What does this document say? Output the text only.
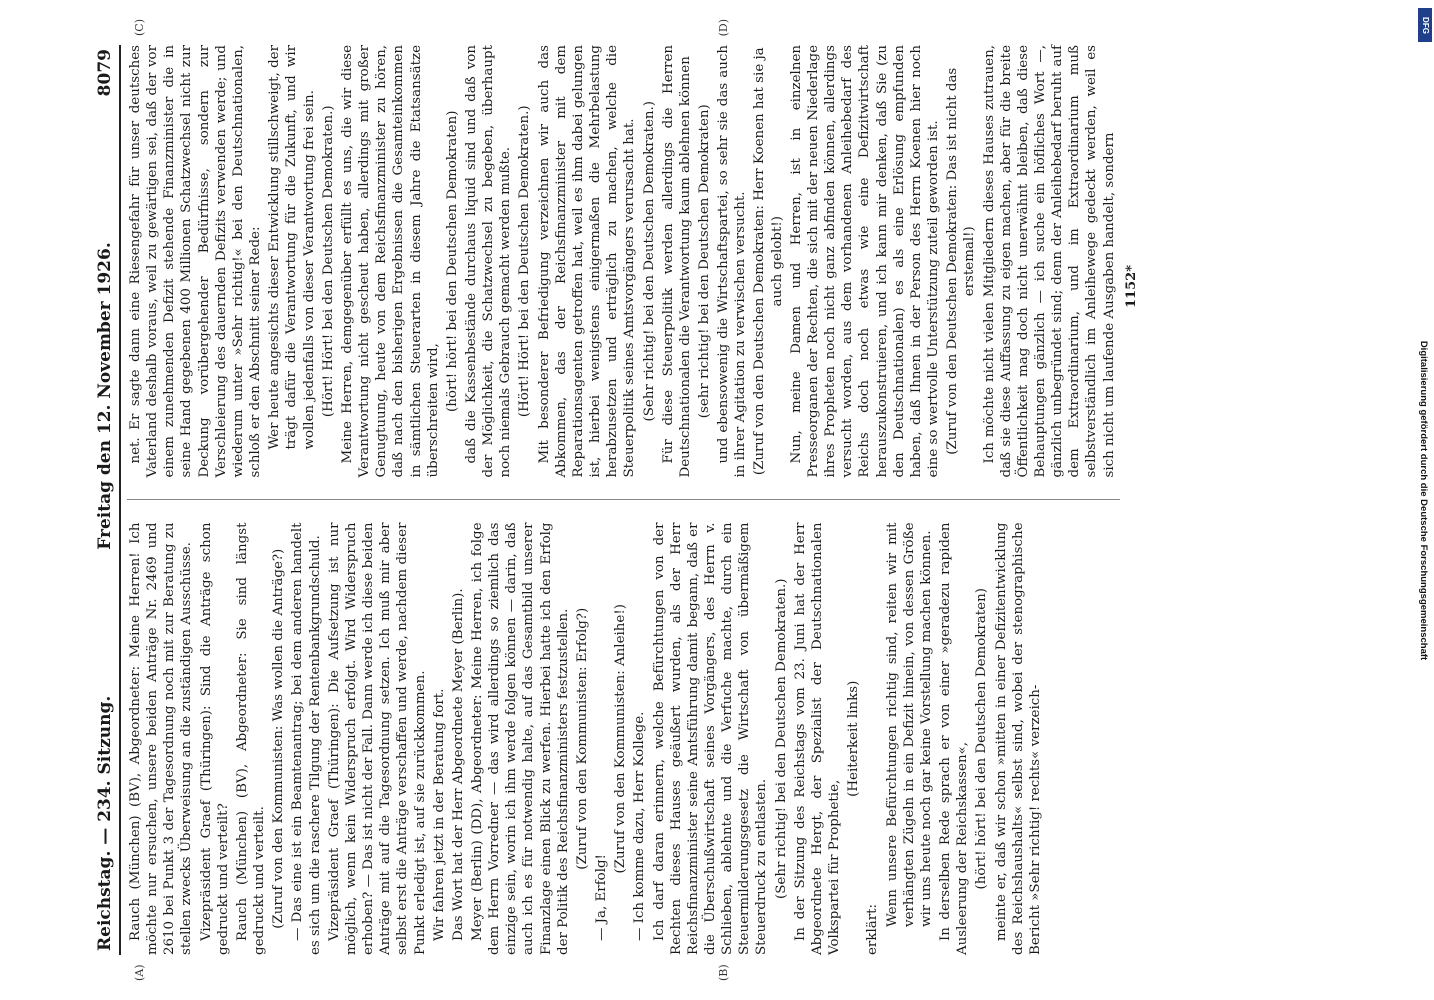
Reichstag. — 234. Sitzung.
Freitag den 12. November 1926.
8079
(A)	(B)
(C)	(D)

Rauch (München) (BV), Abgeordneter: Meine Herren! Ich möchte nur ersuchen, unsere beiden Anträge Nr. 2469 und 2610 bei Punkt 3 der Tagesordnung noch mit zur Beratung zu stellen zwecks Überweisung an die zuständigen Ausschüsse. Vizepräsident Graef (Thüringen): Sind die Anträge schon gedruckt und verteilt? Rauch (München) (BV), Abgeordneter: Sie sind längst gedruckt und verteilt. (Zuruf von den Kommunisten: Was wollen die Anträge?) — Das eine ist ein Beamtenantrag; bei dem anderen handelt es sich um die raschere Tilgung der Rentenbankgrundschuld. Vizepräsident Graef (Thüringen): Die Aufsetzung ist nur möglich, wenn kein Widerspruch erfolgt. Wird Widerspruch erhoben? — Das ist nicht der Fall. Dann werde ich diese beiden Anträge mit auf die Tagesordnung setzen. Ich muß mir aber selbst erst die Anträge verschaffen und werde, nachdem dieser Punkt erledigt ist, auf sie zurückkommen. Wir fahren jetzt in der Beratung fort. Das Wort hat der Herr Abgeordnete Meyer (Berlin). Meyer (Berlin) (DD), Abgeordneter: Meine Herren, ich folge dem Herrn Vorredner — das wird allerdings so ziemlich das einzige sein, worin ich ihm werde folgen können — darin, daß auch ich es für notwendig halte, auf das Gesamtbild unserer Finanzlage einen Blick zu werfen. Hierbei hatte ich den Erfolg der Politik des Reichsfinanzministers festzustellen. (Zuruf von den Kommunisten: Erfolg?)

— Ja, Erfolg!

(Zuruf von den Kommunisten: Anleihe!) — Ich komme dazu, Herr Kollege. Ich darf daran erinnern, welche Befürchtungen von der Rechten dieses Hauses geäußert wurden, als der Herr Reichsfinanzminister seine Amtsführung damit begann, daß er die Überschußwirtschaft seines Vorgängers, des Herrn v. Schlieben, ablehnte und die Verfuche machte, durch ein Steuermilderungsgesetz die Wirtschaft von übermäßigem Steuerdruck zu entlasten. (Sehr richtig! bei den Deutschen Demokraten.) In der Sitzung des Reichstags vom 23. Juni hat der Herr Abgeordnete Hergt, der Spezialist der Deutschnationalen Volkspartei für Prophetie,

(Heiterkeit links)

erklärt:

Wenn unsere Befürchtungen richtig sind, reiten wir mit verhängten Zügeln in ein Defizit hinein, von dessen Größe wir uns heute noch gar keine Vorstellung machen können. In derselben Rede sprach er von einer »geradezu rapiden Ausleerung der Reichskassen«, (hört! hört! bei den Deutschen Demokraten) meinte er, daß wir schon »mitten in einer Defizitentwicklung des Reichshaushalts« selbst sind, wobei der stenographische Bericht »Sehr richtig! rechts« verzeich-

net. Er sagte dann eine Riesengefahr für unser deutsches Vaterland deshalb voraus, weil zu gewärtigen sei, daß der vor einem zunehmenden Defizit stehende Finanzminister die in seine Hand gegebenen 400 Millionen Schatzwechsel nicht zur Deckung vorübergehender Bedürfnisse, sondern zur Verschleierung des dauernden Defizits verwenden werde; und wiederum unter »Sehr richtig!« bei den Deutschnationalen, schloß er den Abschnitt seiner Rede: Wer heute angesichts dieser Entwicklung stillschweigt, der trägt dafür die Verantwortung für die Zukunft, und wir wollen jedenfalls von dieser Verantwortung frei sein. (Hört! Hört! bei den Deutschen Demokraten.) Meine Herren, demgegenüber erfüllt es uns, die wir diese Verantwortung nicht gescheut haben, allerdings mit großer Genugtuung, heute von dem Reichsfinanzminister zu hören, daß nach den bisherigen Ergebnissen die Gesamteinkommen in sämtlichen Steuerarten in diesem Jahre die Etatsansätze überschreiten wird, (hört! hört! bei den Deutschen Demokraten) daß die Kassenbestände durchaus liquid sind und daß von der Möglichkeit, die Schatzwechsel zu begeben, überhaupt noch niemals Gebrauch gemacht werden mußte. (Hört! Hört! bei den Deutschen Demokraten.) Mit besonderer Befriedigung verzeichnen wir auch das Abkommen, das der Reichsfinanzminister mit dem Reparationsagenten getroffen hat, weil es ihm dabei gelungen ist, hierbei wenigstens einigermaßen die Mehrbelastung herabzusetzen und erträglich zu machen, welche die Steuerpolitik seines Amtsvorgängers verursacht hat. (Sehr richtig! bei den Deutschen Demokraten.) Für diese Steuerpolitik werden allerdings die Herren Deutschnationalen die Verantwortung kaum ablehnen können (sehr richtig! bei den Deutschen Demokraten) und ebensowenig die Wirtschaftspartei, so sehr sie das auch in ihrer Agitation zu verwischen versucht. (Zuruf von den Deutschen Demokraten: Herr Koenen hat sie ja auch gelobt!) Nun, meine Damen und Herren, ist in einzelnen Presseorganen der Rechten, die sich mit der neuen Niederlage ihres Propheten noch nicht ganz abfinden können, allerdings versucht worden, aus dem vorhandenen Anleihebedarf des Reichs doch noch etwas wie eine Defizitwirtschaft herauszukonstruieren, und ich kann mir denken, daß Sie (zu den Deutschnationalen) es als eine Erlösung empfunden haben, daß Ihnen in der Person des Herrn Koenen hier noch eine so wertvolle Unterstützung zuteil geworden ist. (Zuruf von den Deutschen Demokraten: Das ist nicht das erstemal!) Ich möchte nicht vielen Mitgliedern dieses Hauses zutrauen, daß sie diese Auffassung zu eigen machen, aber für die breite Öffentlichkeit mag doch nicht unerwähnt bleiben, daß diese Behauptungen gänzlich — ich suche ein höfliches Wort —, gänzlich unbegründet sind; denn der Anleihebedarf beruht auf dem Extraordinarium, und im Extraordinarium muß selbstverständlich im Anleihewege gedeckt werden, weil es sich nicht um laufende Ausgaben handelt, sondern 1152*
Digitalisierung gefördert durch die Deutsche Forschungsgemeinschaft
DFG
